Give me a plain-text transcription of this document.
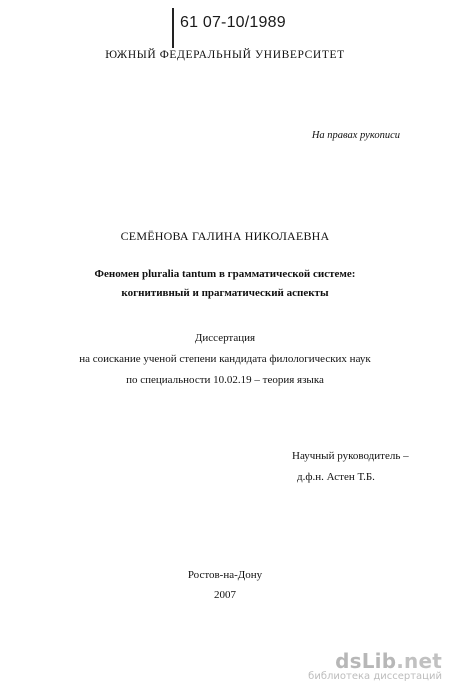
61 07-10/1989
ЮЖНЫЙ ФЕДЕРАЛЬНЫЙ УНИВЕРСИТЕТ
На правах рукописи
СЕМЁНОВА ГАЛИНА НИКОЛАЕВНА
Феномен pluralia tantum в грамматической системе:
когнитивный и прагматический аспекты
Диссертация
на соискание ученой степени кандидата филологических наук
по специальности 10.02.19 – теория языка
Научный руководитель –
д.ф.н. Астен Т.Б.
Ростов-на-Дону
2007
dsLib.net
библиотека диссертаций
